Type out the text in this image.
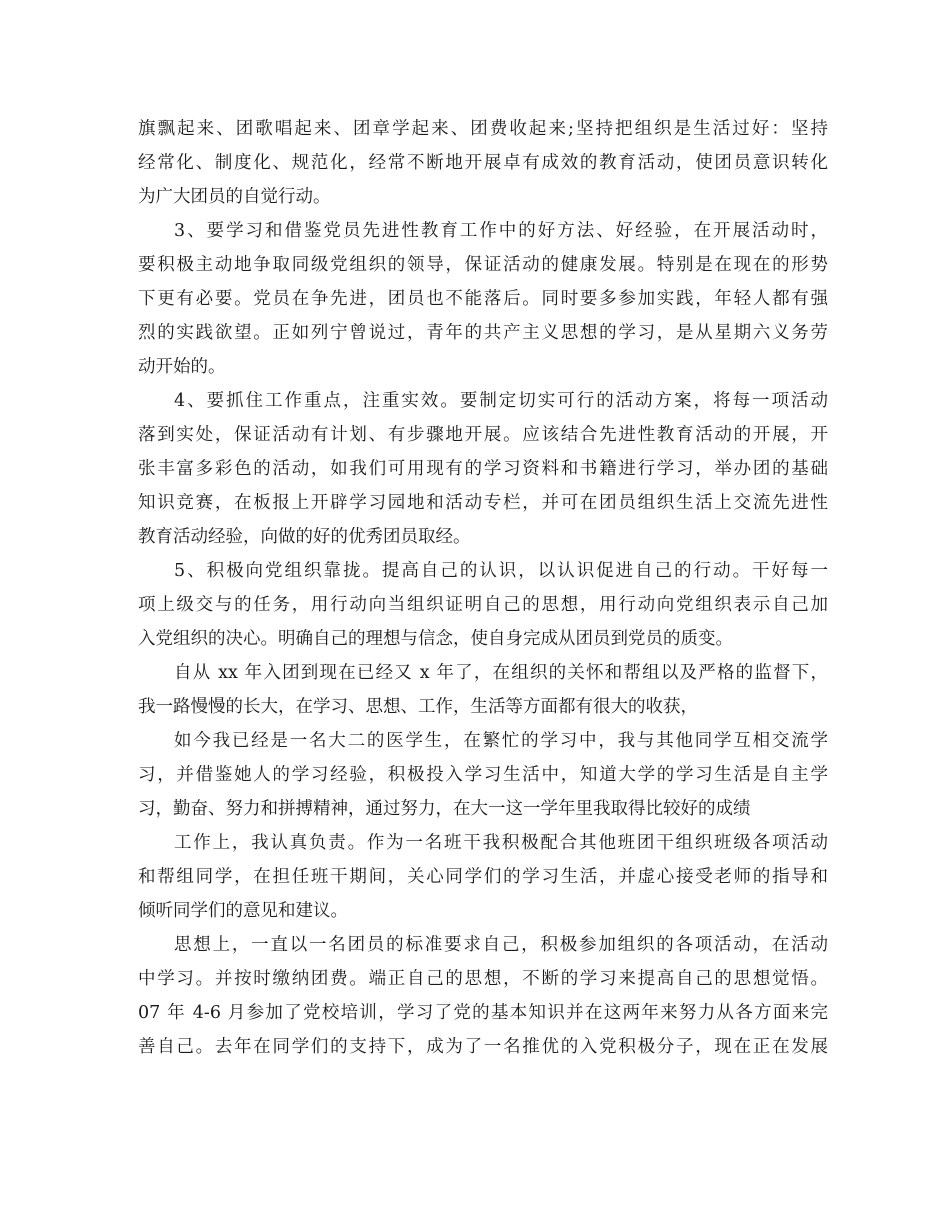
旗飘起来、团歌唱起来、团章学起来、团费收起来;坚持把组织是生活过好：坚持
经常化、制度化、规范化，经常不断地开展卓有成效的教育活动，使团员意识转化
为广大团员的自觉行动。
3、要学习和借鉴党员先进性教育工作中的好方法、好经验，在开展活动时，
要积极主动地争取同级党组织的领导，保证活动的健康发展。特别是在现在的形势
下更有必要。党员在争先进，团员也不能落后。同时要多参加实践，年轻人都有强
烈的实践欲望。正如列宁曾说过，青年的共产主义思想的学习，是从星期六义务劳
动开始的。
4、要抓住工作重点，注重实效。要制定切实可行的活动方案，将每一项活动
落到实处，保证活动有计划、有步骤地开展。应该结合先进性教育活动的开展，开
张丰富多彩色的活动，如我们可用现有的学习资料和书籍进行学习，举办团的基础
知识竞赛，在板报上开辟学习园地和活动专栏，并可在团员组织生活上交流先进性
教育活动经验，向做的好的优秀团员取经。
5、积极向党组织靠拢。提高自己的认识，以认识促进自己的行动。干好每一
项上级交与的任务，用行动向当组织证明自己的思想，用行动向党组织表示自己加
入党组织的决心。明确自己的理想与信念，使自身完成从团员到党员的质变。
自从 xx 年入团到现在已经又 x 年了，在组织的关怀和帮组以及严格的监督下，
我一路慢慢的长大，在学习、思想、工作，生活等方面都有很大的收获，
如今我已经是一名大二的医学生，在繁忙的学习中，我与其他同学互相交流学
习，并借鉴她人的学习经验，积极投入学习生活中，知道大学的学习生活是自主学
习，勤奋、努力和拼搏精神，通过努力，在大一这一学年里我取得比较好的成绩
工作上，我认真负责。作为一名班干我积极配合其他班团干组织班级各项活动
和帮组同学，在担任班干期间，关心同学们的学习生活，并虚心接受老师的指导和
倾听同学们的意见和建议。
思想上，一直以一名团员的标准要求自己，积极参加组织的各项活动，在活动
中学习。并按时缴纳团费。端正自己的思想，不断的学习来提高自己的思想觉悟。
07 年 4-6 月参加了党校培训，学习了党的基本知识并在这两年来努力从各方面来完
善自己。去年在同学们的支持下，成为了一名推优的入党积极分子，现在正在发展
